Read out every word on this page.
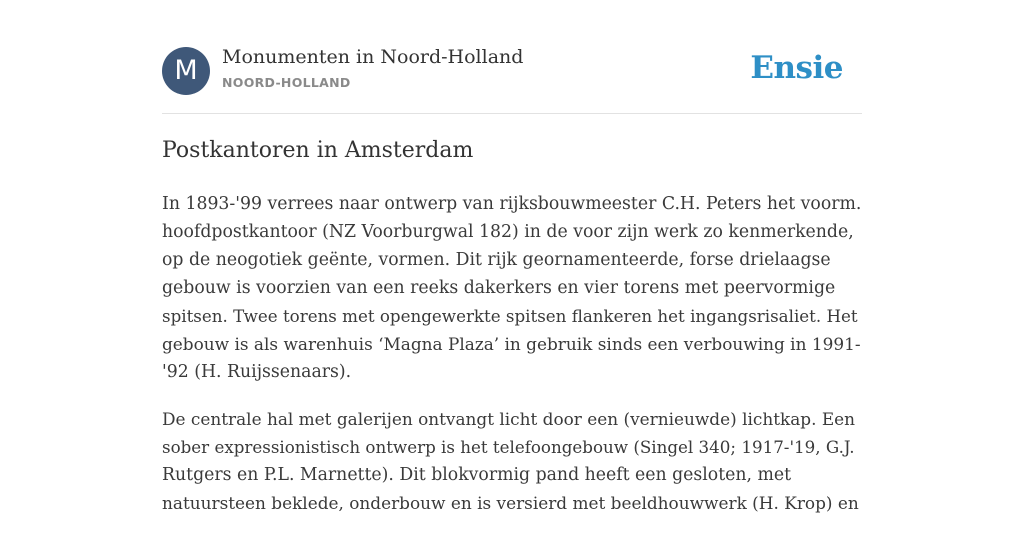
M	Monumenten in Noord-Holland
NOORD-HOLLAND	Ensie
Postkantoren in Amsterdam

In 1893-'99 verrees naar ontwerp van rijksbouwmeester C.H. Peters het voorm.
hoofdpostkantoor (NZ Voorburgwal 182) in de voor zijn werk zo kenmerkende,
op de neogotiek geënte, vormen. Dit rijk geornamenteerde, forse drielaagse
gebouw is voorzien van een reeks dakerkers en vier torens met peervormige
spitsen. Twee torens met opengewerkte spitsen flankeren het ingangsrisaliet. Het
gebouw is als warenhuis ‘Magna Plaza’ in gebruik sinds een verbouwing in 1991-
'92 (H. Ruijssenaars).

De centrale hal met galerijen ontvangt licht door een (vernieuwde) lichtkap. Een
sober expressionistisch ontwerp is het telefoongebouw (Singel 340; 1917-'19, G.J.
Rutgers en P.L. Marnette). Dit blokvormig pand heeft een gesloten, met
natuursteen beklede, onderbouw en is versierd met beeldhouwwerk (H. Krop) en
